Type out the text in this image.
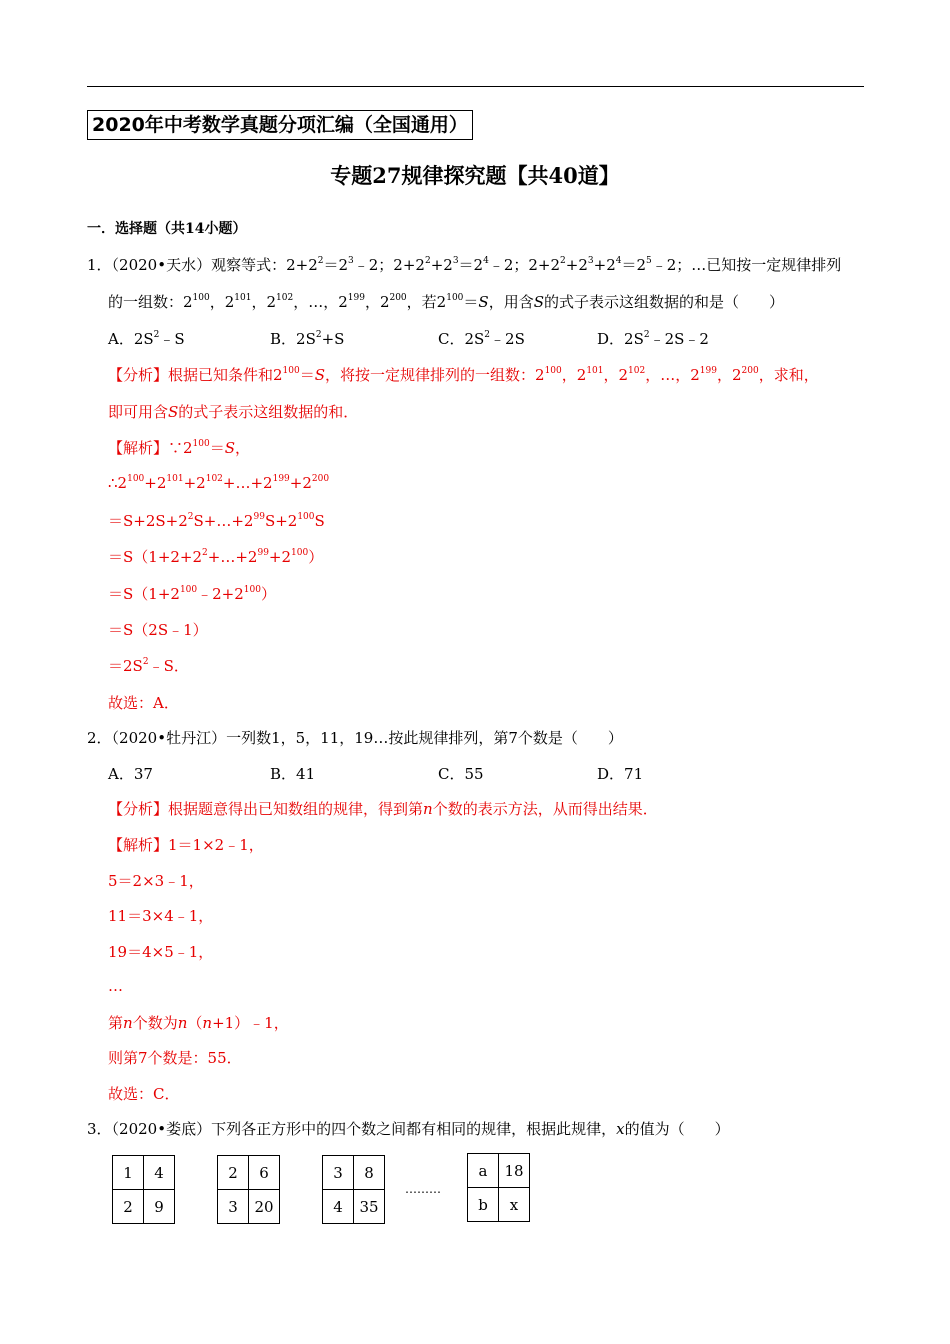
2020年中考数学真题分项汇编（全国通用）
专题27规律探究题【共40道】
一．选择题（共14小题）
1．（2020•天水）观察等式：$2+2^2=2^3﹣2$；$2+2^2+2^3=2^4﹣2$；$2+2^2+2^3+2^4=2^5﹣2$；…已知按一定规律排列
的一组数：$2^{100}$，$2^{101}$，$2^{102}$，…，$2^{199}$，$2^{200}$，若$2^{100}=S$，用含S的式子表示这组数据的和是（　　）
A．$2S^2﹣S$	B．$2S^2+S$	C．$2S^2﹣2S$	D．$2S^2﹣2S﹣2$
【分析】根据已知条件和$2^{100}=S$，将按一定规律排列的一组数：$2^{100}$，$2^{101}$，$2^{102}$，…，$2^{199}$，$2^{200}$，求和，
即可用含S的式子表示这组数据的和．
【解析】$\because 2^{100}=S$，
$\therefore 2^{100}+2^{101}+2^{102}+\dots+2^{199}+2^{200}$
$=S+2S+2^2S+\dots+2^{99}S+2^{100}S$
$=S(1+2+2^2+\dots+2^{99}+2^{100})$
$=S(1+2^{100}﹣2+2^{100})$
＝S（2S﹣1）
$=2S^2﹣S$．
故选：A．
2．（2020•牡丹江）一列数1，5，11，19…按此规律排列，第7个数是（　　）
A．37	B．41	C．55	D．71
【分析】根据题意得出已知数组的规律，得到第n个数的表示方法，从而得出结果．
【解析】1＝1×2﹣1，
5＝2×3﹣1，
11＝3×4﹣1，
19＝4×5﹣1，
…
第n个数为n（n+1）﹣1，
则第7个数是：55．
故选：C．
3．（2020•娄底）下列各正方形中的四个数之间都有相同的规律，根据此规律，x的值为（　　）
1	4
2	9
2	6
3	20
3	8
4	35
………
a	18
b	x
